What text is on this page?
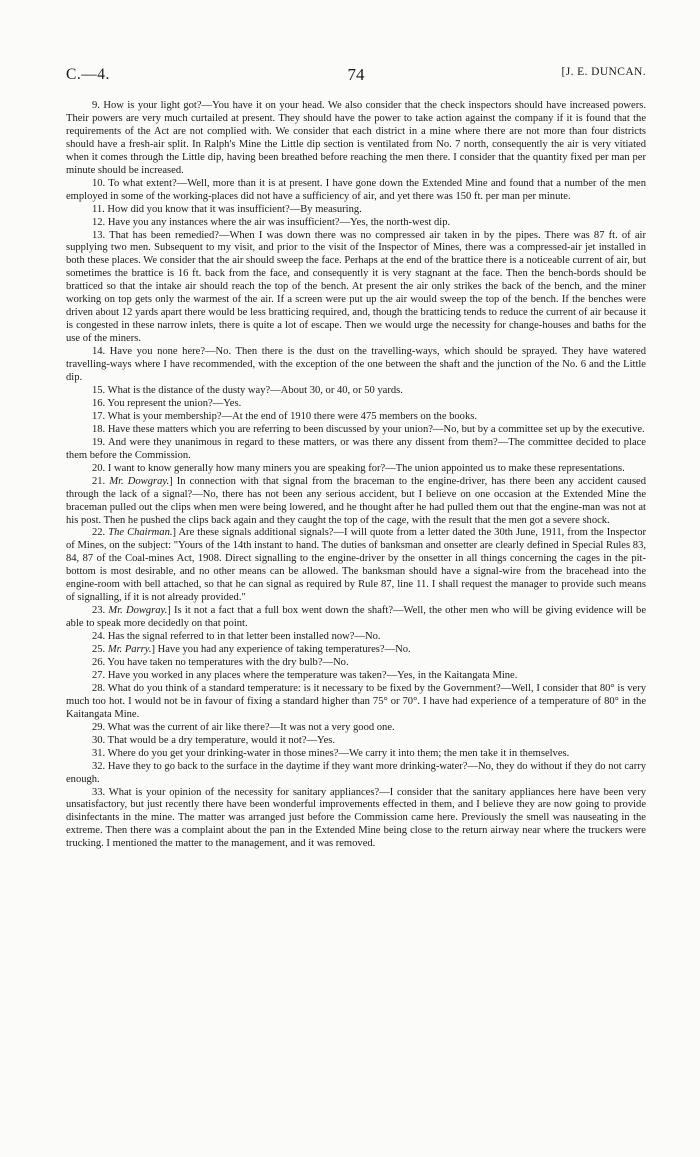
C.—4.	74	[J. E. DUNCAN.

9. How is your light got?—You have it on your head. We also consider that the check inspectors should have increased powers. Their powers are very much curtailed at present. They should have the power to take action against the company if it is found that the requirements of the Act are not complied with. We consider that each district in a mine where there are not more than four districts should have a fresh-air split. In Ralph's Mine the Little dip section is ventilated from No. 7 north, consequently the air is very vitiated when it comes through the Little dip, having been breathed before reaching the men there. I consider that the quantity fixed per man per minute should be increased.

10. To what extent?—Well, more than it is at present. I have gone down the Extended Mine and found that a number of the men employed in some of the working-places did not have a sufficiency of air, and yet there was 150 ft. per man per minute.

11. How did you know that it was insufficient?—By measuring.

12. Have you any instances where the air was insufficient?—Yes, the north-west dip.

13. That has been remedied?—When I was down there was no compressed air taken in by the pipes. There was 87 ft. of air supplying two men. Subsequent to my visit, and prior to the visit of the Inspector of Mines, there was a compressed-air jet installed in both these places. We consider that the air should sweep the face. Perhaps at the end of the brattice there is a noticeable current of air, but sometimes the brattice is 16 ft. back from the face, and consequently it is very stagnant at the face. Then the bench-bords should be bratticed so that the intake air should reach the top of the bench. At present the air only strikes the back of the bench, and the miner working on top gets only the warmest of the air. If a screen were put up the air would sweep the top of the bench. If the benches were driven about 12 yards apart there would be less bratticing required, and, though the bratticing tends to reduce the current of air because it is congested in these narrow inlets, there is quite a lot of escape. Then we would urge the necessity for change-houses and baths for the use of the miners.

14. Have you none here?—No. Then there is the dust on the travelling-ways, which should be sprayed. They have watered travelling-ways where I have recommended, with the exception of the one between the shaft and the junction of the No. 6 and the Little dip.

15. What is the distance of the dusty way?—About 30, or 40, or 50 yards.

16. You represent the union?—Yes.

17. What is your membership?—At the end of 1910 there were 475 members on the books.

18. Have these matters which you are referring to been discussed by your union?—No, but by a committee set up by the executive.

19. And were they unanimous in regard to these matters, or was there any dissent from them?—The committee decided to place them before the Commission.

20. I want to know generally how many miners you are speaking for?—The union appointed us to make these representations.

21. Mr. Dowgray.] In connection with that signal from the braceman to the engine-driver, has there been any accident caused through the lack of a signal?—No, there has not been any serious accident, but I believe on one occasion at the Extended Mine the braceman pulled out the clips when men were being lowered, and he thought after he had pulled them out that the engine-man was not at his post. Then he pushed the clips back again and they caught the top of the cage, with the result that the men got a severe shock.

22. The Chairman.] Are these signals additional signals?—I will quote from a letter dated the 30th June, 1911, from the Inspector of Mines, on the subject: "Yours of the 14th instant to hand. The duties of banksman and onsetter are clearly defined in Special Rules 83, 84, 87 of the Coal-mines Act, 1908. Direct signalling to the engine-driver by the onsetter in all things concerning the cages in the pit-bottom is most desirable, and no other means can be allowed. The banksman should have a signal-wire from the bracehead into the engine-room with bell attached, so that he can signal as required by Rule 87, line 11. I shall request the manager to provide such means of signalling, if it is not already provided."

23. Mr. Dowgray.] Is it not a fact that a full box went down the shaft?—Well, the other men who will be giving evidence will be able to speak more decidedly on that point.

24. Has the signal referred to in that letter been installed now?—No.

25. Mr. Parry.] Have you had any experience of taking temperatures?—No.

26. You have taken no temperatures with the dry bulb?—No.

27. Have you worked in any places where the temperature was taken?—Yes, in the Kaitangata Mine.

28. What do you think of a standard temperature: is it necessary to be fixed by the Government?—Well, I consider that 80° is very much too hot. I would not be in favour of fixing a standard higher than 75° or 70°. I have had experience of a temperature of 80° in the Kaitangata Mine.

29. What was the current of air like there?—It was not a very good one.

30. That would be a dry temperature, would it not?—Yes.

31. Where do you get your drinking-water in those mines?—We carry it into them; the men take it in themselves.

32. Have they to go back to the surface in the daytime if they want more drinking-water?—No, they do without if they do not carry enough.

33. What is your opinion of the necessity for sanitary appliances?—I consider that the sanitary appliances here have been very unsatisfactory, but just recently there have been wonderful improvements effected in them, and I believe they are now going to provide disinfectants in the mine. The matter was arranged just before the Commission came here. Previously the smell was nauseating in the extreme. Then there was a complaint about the pan in the Extended Mine being close to the return airway near where the truckers were trucking. I mentioned the matter to the management, and it was removed.
